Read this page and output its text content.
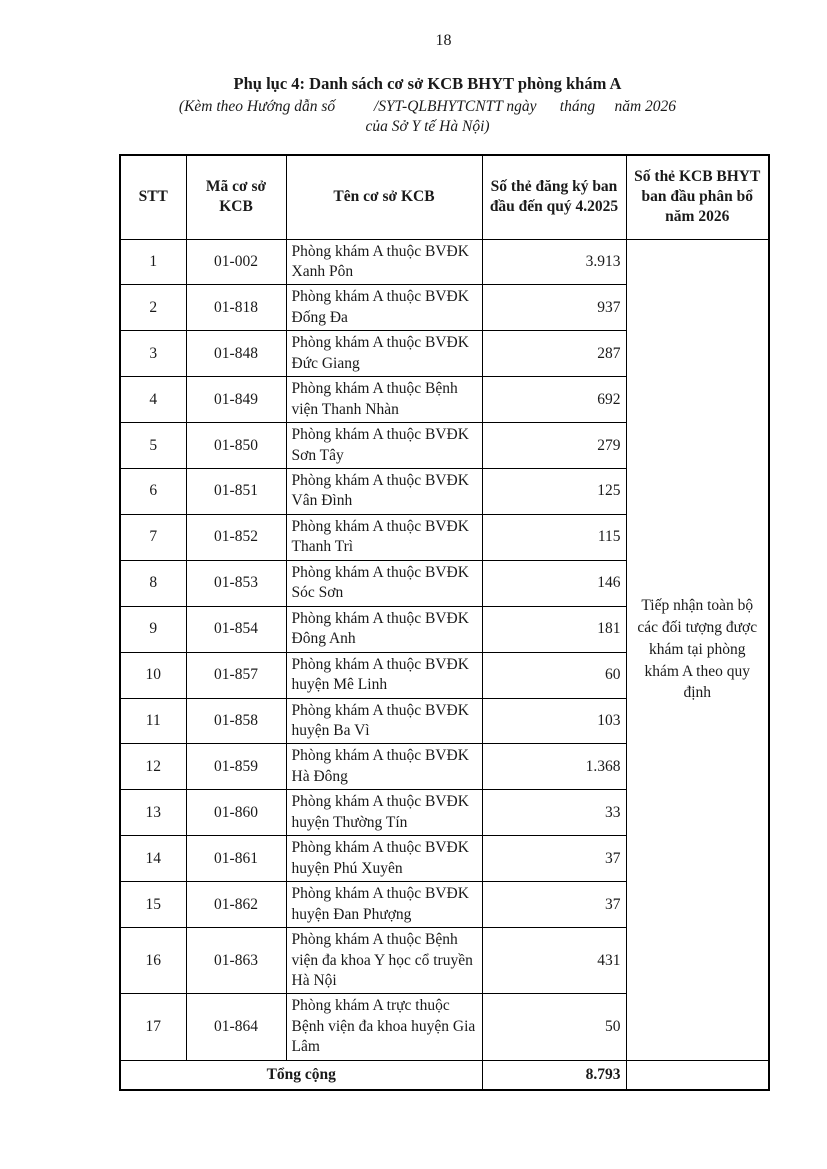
18
Phụ lục 4: Danh sách cơ sở KCB BHYT phòng khám A
(Kèm theo Hướng dẫn số          /SYT-QLBHYTCNTT ngày      tháng     năm 2026
của Sở Y tế Hà Nội)
STT	Mã cơ sở KCB	Tên cơ sở KCB	Số thẻ đăng ký ban đầu đến quý 4.2025	Số thẻ KCB BHYT ban đầu phân bổ năm 2026
1	01-002	Phòng khám A thuộc BVĐK Xanh Pôn	3.913	Tiếp nhận toàn bộ các đối tượng được khám tại phòng khám A theo quy định
2	01-818	Phòng khám A thuộc BVĐK Đống Đa	937	
3	01-848	Phòng khám A thuộc BVĐK Đức Giang	287	
4	01-849	Phòng khám A thuộc Bệnh viện Thanh Nhàn	692	
5	01-850	Phòng khám A thuộc BVĐK Sơn Tây	279	
6	01-851	Phòng khám A thuộc BVĐK Vân Đình	125	
7	01-852	Phòng khám A thuộc BVĐK Thanh Trì	115	
8	01-853	Phòng khám A thuộc BVĐK Sóc Sơn	146	
9	01-854	Phòng khám A thuộc BVĐK Đông Anh	181	
10	01-857	Phòng khám A thuộc BVĐK huyện Mê Linh	60	
11	01-858	Phòng khám A thuộc BVĐK huyện Ba Vì	103	
12	01-859	Phòng khám A thuộc BVĐK Hà Đông	1.368	
13	01-860	Phòng khám A thuộc BVĐK huyện Thường Tín	33	
14	01-861	Phòng khám A thuộc BVĐK huyện Phú Xuyên	37	
15	01-862	Phòng khám A thuộc BVĐK huyện Đan Phượng	37	
16	01-863	Phòng khám A thuộc Bệnh viện đa khoa Y học cổ truyền Hà Nội	431	
17	01-864	Phòng khám A trực thuộc Bệnh viện đa khoa huyện Gia Lâm	50	
Tổng cộng			8.793	
